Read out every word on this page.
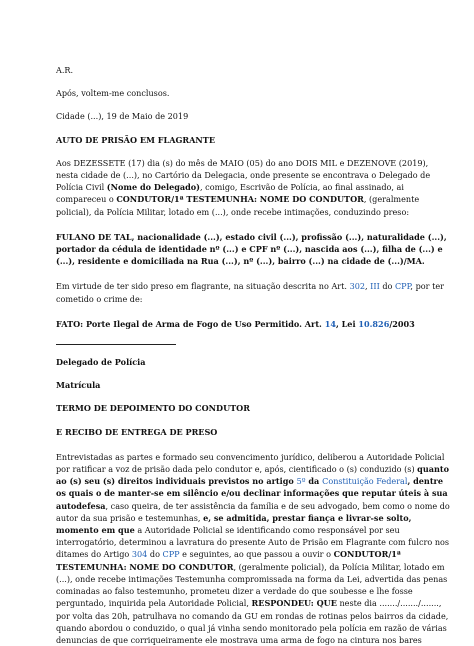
A.R.

Após, voltem-me conclusos.

Cidade (...), 19 de Maio de 2019

AUTO DE PRISÃO EM FLAGRANTE

Aos DEZESSETE (17) dia (s) do mês de MAIO (05) do ano DOIS MIL e DEZENOVE (2019), nesta cidade de (...), no Cartório da Delegacia, onde presente se encontrava o Delegado de Polícia Civil (Nome do Delegado), comigo, Escrivão de Polícia, ao final assinado, ai compareceu o CONDUTOR/1ª TESTEMUNHA: NOME DO CONDUTOR, (geralmente policial), da Polícia Militar, lotado em (...), onde recebe intimações, conduzindo preso:

FULANO DE TAL, nacionalidade (...), estado civil (...), profissão (...), naturalidade (...), portador da cédula de identidade nº (...) e CPF nº (...), nascida aos (...), filha de (...) e (...), residente e domiciliada na Rua (...), nº (...), bairro (...) na cidade de (...)/MA.

Em virtude de ter sido preso em flagrante, na situação descrita no Art. 302, III do CPP, por ter cometido o crime de:

FATO: Porte Ilegal de Arma de Fogo de Uso Permitido. Art. 14, Lei 10.826/2003

Delegado de Polícia

Matrícula

TERMO DE DEPOIMENTO DO CONDUTOR

E RECIBO DE ENTREGA DE PRESO

Entrevistadas as partes e formado seu convencimento jurídico, deliberou a Autoridade Policial por ratificar a voz de prisão dada pelo condutor e, após, cientificado o (s) conduzido (s) quanto ao (s) seu (s) direitos individuais previstos no artigo 5º da Constituição Federal, dentre os quais o de manter-se em silêncio e/ou declinar informações que reputar úteis à sua autodefesa, caso queira, de ter assistência da família e de seu advogado, bem como o nome do autor da sua prisão e testemunhas, e, se admitida, prestar fiança e livrar-se solto, momento em que a Autoridade Policial se identificando como responsável por seu interrogatório, determinou a lavratura do presente Auto de Prisão em Flagrante com fulcro nos ditames do Artigo 304 do CPP e seguintes, ao que passou a ouvir o CONDUTOR/1ª TESTEMUNHA: NOME DO CONDUTOR, (geralmente policial), da Polícia Militar, lotado em (...), onde recebe intimações Testemunha compromissada na forma da Lei, advertida das penas cominadas ao falso testemunho, prometeu dizer a verdade do que soubesse e lhe fosse perguntado, inquirida pela Autoridade Policial, RESPONDEU: QUE neste dia ......./......./......., por volta das 20h, patrulhava no comando da GU em rondas de rotinas pelos bairros da cidade, quando abordou o conduzido, o qual já vinha sendo monitorado pela polícia em razão de várias denuncias de que corriqueiramente ele mostrava uma arma de fogo na cintura nos bares
